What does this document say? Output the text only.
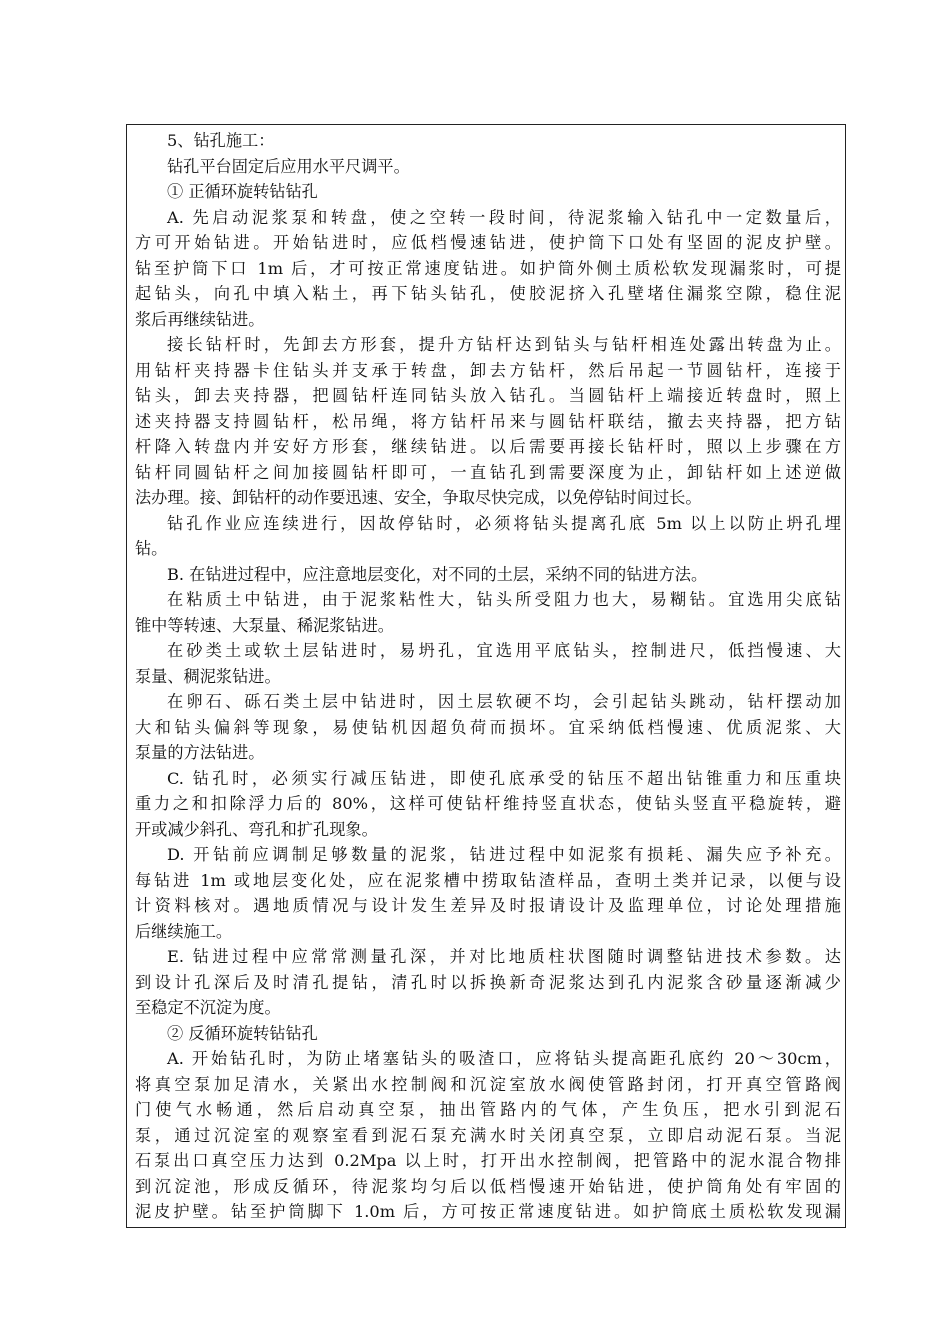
5、钻孔施工：
钻孔平台固定后应用水平尺调平。
① 正循环旋转钻钻孔
A. 先启动泥浆泵和转盘，使之空转一段时间，待泥浆输入钻孔中一定数量后，
方可开始钻进。开始钻进时，应低档慢速钻进，使护筒下口处有坚固的泥皮护壁。
钻至护筒下口 1m 后，才可按正常速度钻进。如护筒外侧土质松软发现漏浆时，可提
起钻头，向孔中填入粘土，再下钻头钻孔，使胶泥挤入孔壁堵住漏浆空隙，稳住泥
浆后再继续钻进。
接长钻杆时，先卸去方形套，提升方钻杆达到钻头与钻杆相连处露出转盘为止。
用钻杆夹持器卡住钻头并支承于转盘，卸去方钻杆，然后吊起一节圆钻杆，连接于
钻头，卸去夹持器，把圆钻杆连同钻头放入钻孔。当圆钻杆上端接近转盘时，照上
述夹持器支持圆钻杆，松吊绳，将方钻杆吊来与圆钻杆联结，撤去夹持器，把方钻
杆降入转盘内并安好方形套，继续钻进。以后需要再接长钻杆时，照以上步骤在方
钻杆同圆钻杆之间加接圆钻杆即可，一直钻孔到需要深度为止，卸钻杆如上述逆做
法办理。接、卸钻杆的动作要迅速、安全，争取尽快完成，以免停钻时间过长。
钻孔作业应连续进行，因故停钻时，必须将钻头提离孔底 5m 以上以防止坍孔埋
钻。
B. 在钻进过程中，应注意地层变化，对不同的土层，采纳不同的钻进方法。
在粘质土中钻进，由于泥浆粘性大，钻头所受阻力也大，易糊钻。宜选用尖底钻
锥中等转速、大泵量、稀泥浆钻进。
在砂类土或软土层钻进时，易坍孔，宜选用平底钻头，控制进尺，低挡慢速、大
泵量、稠泥浆钻进。
在卵石、砾石类土层中钻进时，因土层软硬不均，会引起钻头跳动，钻杆摆动加
大和钻头偏斜等现象，易使钻机因超负荷而损坏。宜采纳低档慢速、优质泥浆、大
泵量的方法钻进。
C. 钻孔时，必须实行减压钻进，即使孔底承受的钻压不超出钻锥重力和压重块
重力之和扣除浮力后的 80%，这样可使钻杆维持竖直状态，使钻头竖直平稳旋转，避
开或减少斜孔、弯孔和扩孔现象。
D. 开钻前应调制足够数量的泥浆，钻进过程中如泥浆有损耗、漏失应予补充。
每钻进 1m 或地层变化处，应在泥浆槽中捞取钻渣样品，查明土类并记录，以便与设
计资料核对。遇地质情况与设计发生差异及时报请设计及监理单位，讨论处理措施
后继续施工。
E. 钻进过程中应常常测量孔深，并对比地质柱状图随时调整钻进技术参数。达
到设计孔深后及时清孔提钻，清孔时以拆换新奇泥浆达到孔内泥浆含砂量逐渐减少
至稳定不沉淀为度。
② 反循环旋转钻钻孔
A. 开始钻孔时，为防止堵塞钻头的吸渣口，应将钻头提高距孔底约 20～30cm，
将真空泵加足清水，关紧出水控制阀和沉淀室放水阀使管路封闭，打开真空管路阀
门使气水畅通，然后启动真空泵，抽出管路内的气体，产生负压，把水引到泥石
泵，通过沉淀室的观察室看到泥石泵充满水时关闭真空泵，立即启动泥石泵。当泥
石泵出口真空压力达到 0.2Mpa 以上时，打开出水控制阀，把管路中的泥水混合物排
到沉淀池，形成反循环，待泥浆均匀后以低档慢速开始钻进，使护筒角处有牢固的
泥皮护壁。钻至护筒脚下 1.0m 后，方可按正常速度钻进。如护筒底土质松软发现漏
